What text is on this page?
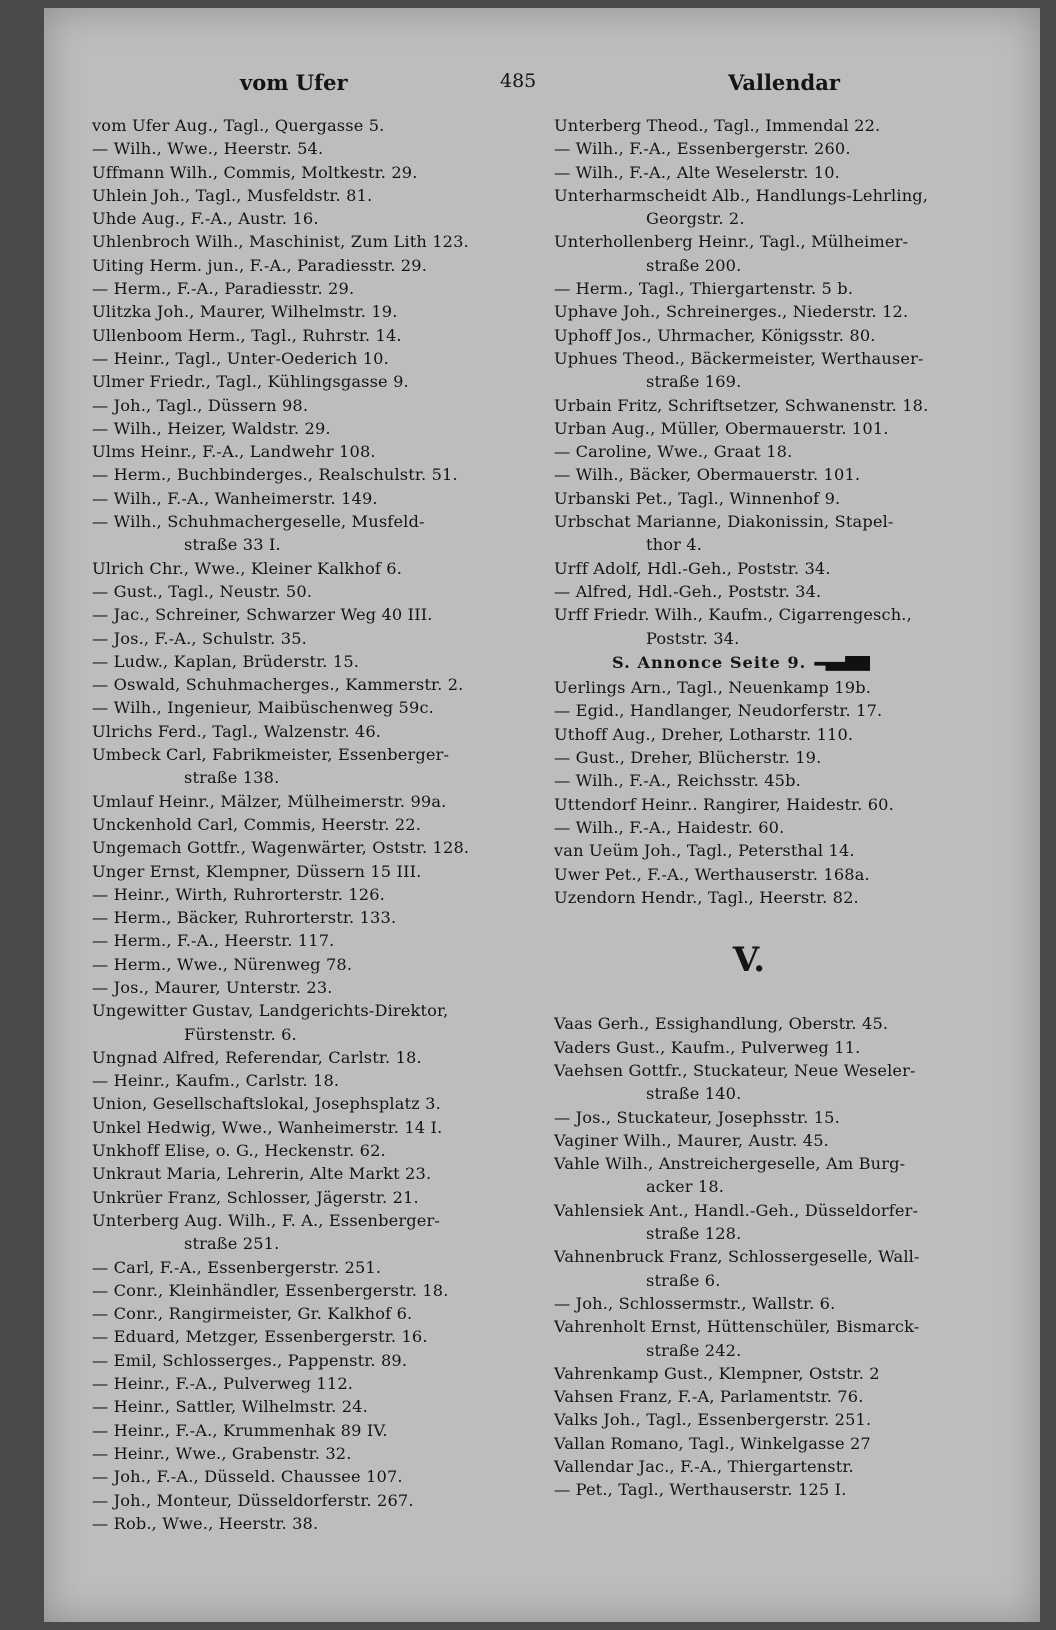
vom Ufer	485	Vallendar
vom Ufer Aug., Tagl., Quergasse 5.
— Wilh., Wwe., Heerstr. 54.
Uffmann Wilh., Commis, Moltkestr. 29.
Uhlein Joh., Tagl., Musfeldstr. 81.
Uhde Aug., F.-A., Austr. 16.
Uhlenbroch Wilh., Maschinist, Zum Lith 123.
Uiting Herm. jun., F.-A., Paradiesstr. 29.
— Herm., F.-A., Paradiesstr. 29.
Ulitzka Joh., Maurer, Wilhelmstr. 19.
Ullenboom Herm., Tagl., Ruhrstr. 14.
— Heinr., Tagl., Unter-Oederich 10.
Ulmer Friedr., Tagl., Kühlingsgasse 9.
— Joh., Tagl., Düssern 98.
— Wilh., Heizer, Waldstr. 29.
Ulms Heinr., F.-A., Landwehr 108.
— Herm., Buchbinderges., Realschulstr. 51.
— Wilh., F.-A., Wanheimerstr. 149.
— Wilh., Schuhmachergeselle, Musfeld-
straße 33 I.
Ulrich Chr., Wwe., Kleiner Kalkhof 6.
— Gust., Tagl., Neustr. 50.
— Jac., Schreiner, Schwarzer Weg 40 III.
— Jos., F.-A., Schulstr. 35.
— Ludw., Kaplan, Brüderstr. 15.
— Oswald, Schuhmacherges., Kammerstr. 2.
— Wilh., Ingenieur, Maibüschenweg 59c.
Ulrichs Ferd., Tagl., Walzenstr. 46.
Umbeck Carl, Fabrikmeister, Essenberger-
straße 138.
Umlauf Heinr., Mälzer, Mülheimerstr. 99a.
Unckenhold Carl, Commis, Heerstr. 22.
Ungemach Gottfr., Wagenwärter, Oststr. 128.
Unger Ernst, Klempner, Düssern 15 III.
— Heinr., Wirth, Ruhrorterstr. 126.
— Herm., Bäcker, Ruhrorterstr. 133.
— Herm., F.-A., Heerstr. 117.
— Herm., Wwe., Nürenweg 78.
— Jos., Maurer, Unterstr. 23.
Ungewitter Gustav, Landgerichts-Direktor,
Fürstenstr. 6.
Ungnad Alfred, Referendar, Carlstr. 18.
— Heinr., Kaufm., Carlstr. 18.
Union, Gesellschaftslokal, Josephsplatz 3.
Unkel Hedwig, Wwe., Wanheimerstr. 14 I.
Unkhoff Elise, o. G., Heckenstr. 62.
Unkraut Maria, Lehrerin, Alte Markt 23.
Unkrüer Franz, Schlosser, Jägerstr. 21.
Unterberg Aug. Wilh., F. A., Essenberger-
straße 251.
— Carl, F.-A., Essenbergerstr. 251.
— Conr., Kleinhändler, Essenbergerstr. 18.
— Conr., Rangirmeister, Gr. Kalkhof 6.
— Eduard, Metzger, Essenbergerstr. 16.
— Emil, Schlosserges., Pappenstr. 89.
— Heinr., F.-A., Pulverweg 112.
— Heinr., Sattler, Wilhelmstr. 24.
— Heinr., F.-A., Krummenhak 89 IV.
— Heinr., Wwe., Grabenstr. 32.
— Joh., F.-A., Düsseld. Chaussee 107.
— Joh., Monteur, Düsseldorferstr. 267.
— Rob., Wwe., Heerstr. 38.
Unterberg Theod., Tagl., Immendal 22.
— Wilh., F.-A., Essenbergerstr. 260.
— Wilh., F.-A., Alte Weselerstr. 10.
Unterharmscheidt Alb., Handlungs-Lehrling,
Georgstr. 2.
Unterhollenberg Heinr., Tagl., Mülheimer-
straße 200.
— Herm., Tagl., Thiergartenstr. 5 b.
Uphave Joh., Schreinerges., Niederstr. 12.
Uphoff Jos., Uhrmacher, Königsstr. 80.
Uphues Theod., Bäckermeister, Werthauser-
straße 169.
Urbain Fritz, Schriftsetzer, Schwanenstr. 18.
Urban Aug., Müller, Obermauerstr. 101.
— Caroline, Wwe., Graat 18.
— Wilh., Bäcker, Obermauerstr. 101.
Urbanski Pet., Tagl., Winnenhof 9.
Urbschat Marianne, Diakonissin, Stapel-
thor 4.
Urff Adolf, Hdl.-Geh., Poststr. 34.
— Alfred, Hdl.-Geh., Poststr. 34.
Urff Friedr. Wilh., Kaufm., Cigarrengesch.,
Poststr. 34.
S. Annonce Seite 9.
Uerlings Arn., Tagl., Neuenkamp 19b.
— Egid., Handlanger, Neudorferstr. 17.
Uthoff Aug., Dreher, Lotharstr. 110.
— Gust., Dreher, Blücherstr. 19.
— Wilh., F.-A., Reichsstr. 45b.
Uttendorf Heinr.. Rangirer, Haidestr. 60.
— Wilh., F.-A., Haidestr. 60.
van Ueüm Joh., Tagl., Petersthal 14.
Uwer Pet., F.-A., Werthauserstr. 168a.
Uzendorn Hendr., Tagl., Heerstr. 82.
V.
Vaas Gerh., Essighandlung, Oberstr. 45.
Vaders Gust., Kaufm., Pulverweg 11.
Vaehsen Gottfr., Stuckateur, Neue Weseler-
straße 140.
— Jos., Stuckateur, Josephsstr. 15.
Vaginer Wilh., Maurer, Austr. 45.
Vahle Wilh., Anstreichergeselle, Am Burg-
acker 18.
Vahlensiek Ant., Handl.-Geh., Düsseldorfer-
straße 128.
Vahnenbruck Franz, Schlossergeselle, Wall-
straße 6.
— Joh., Schlossermstr., Wallstr. 6.
Vahrenholt Ernst, Hüttenschüler, Bismarck-
straße 242.
Vahrenkamp Gust., Klempner, Oststr. 2
Vahsen Franz, F.-A, Parlamentstr. 76.
Valks Joh., Tagl., Essenbergerstr. 251.
Vallan Romano, Tagl., Winkelgasse 27
Vallendar Jac., F.-A., Thiergartenstr.
— Pet., Tagl., Werthauserstr. 125 I.
